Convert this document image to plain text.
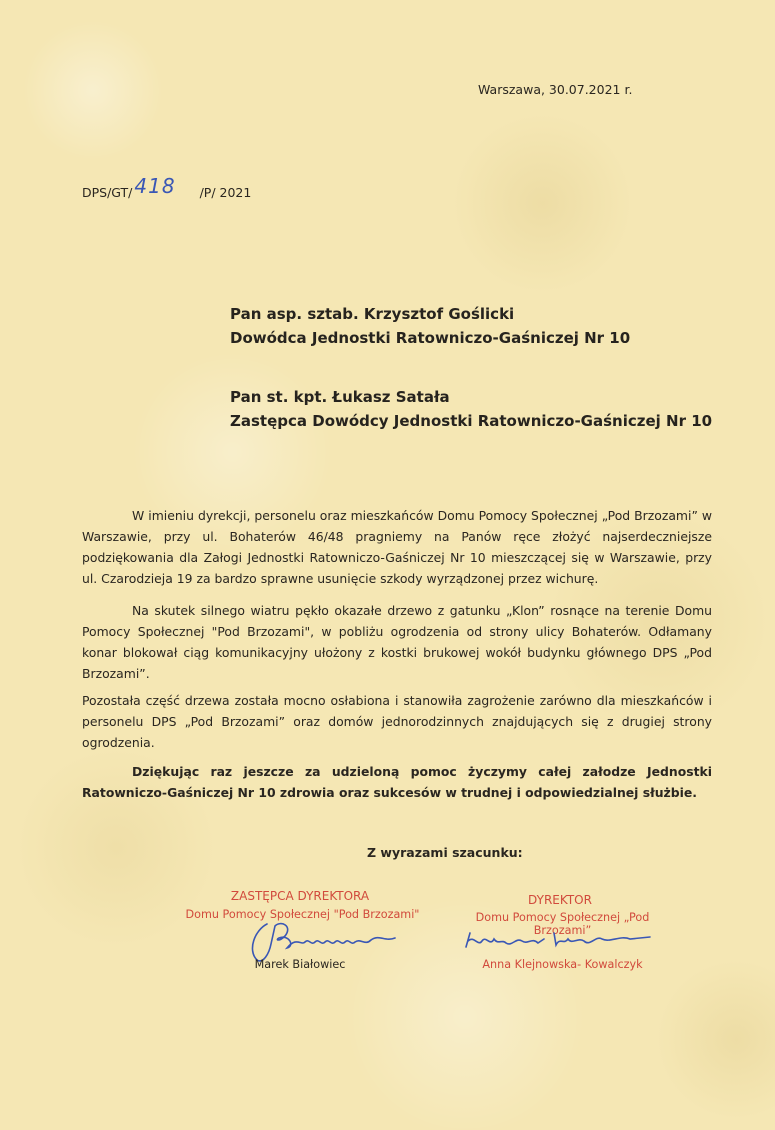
Warszawa, 30.07.2021 r.
DPS/GT/ 418 /P/ 2021
Pan asp. sztab. Krzysztof Goślicki
Dowódca Jednostki Ratowniczo-Gaśniczej Nr 10
Pan st. kpt. Łukasz Satała
Zastępca Dowódcy Jednostki Ratowniczo-Gaśniczej Nr 10

W imieniu dyrekcji, personelu oraz mieszkańców Domu Pomocy Społecznej „Pod Brzozami” w Warszawie, przy ul. Bohaterów 46/48 pragniemy na Panów ręce złożyć najserdeczniejsze podziękowania dla Załogi Jednostki Ratowniczo-Gaśniczej Nr 10 mieszczącej się w Warszawie, przy ul. Czarodzieja 19 za bardzo sprawne usunięcie szkody wyrządzonej przez wichurę.

Na skutek silnego wiatru pękło okazałe drzewo z gatunku „Klon” rosnące na terenie Domu Pomocy Społecznej "Pod Brzozami", w pobliżu ogrodzenia od strony ulicy Bohaterów. Odłamany konar blokował ciąg komunikacyjny ułożony z kostki brukowej wokół budynku głównego DPS „Pod Brzozami”.

Pozostała część drzewa została mocno osłabiona i stanowiła zagrożenie zarówno dla mieszkańców i personelu DPS „Pod Brzozami” oraz domów jednorodzinnych znajdujących się z drugiej strony ogrodzenia.

Dziękując raz jeszcze za udzieloną pomoc życzymy całej załodze Jednostki Ratowniczo-Gaśniczej Nr 10 zdrowia oraz sukcesów w trudnej i odpowiedzialnej służbie.

Z wyrazami szacunku:
ZASTĘPCA DYREKTORA
Domu Pomocy Społecznej "Pod Brzozami"
Marek Białowiec
DYREKTOR
Domu Pomocy Społecznej „Pod Brzozami”
Anna Klejnowska- Kowalczyk
